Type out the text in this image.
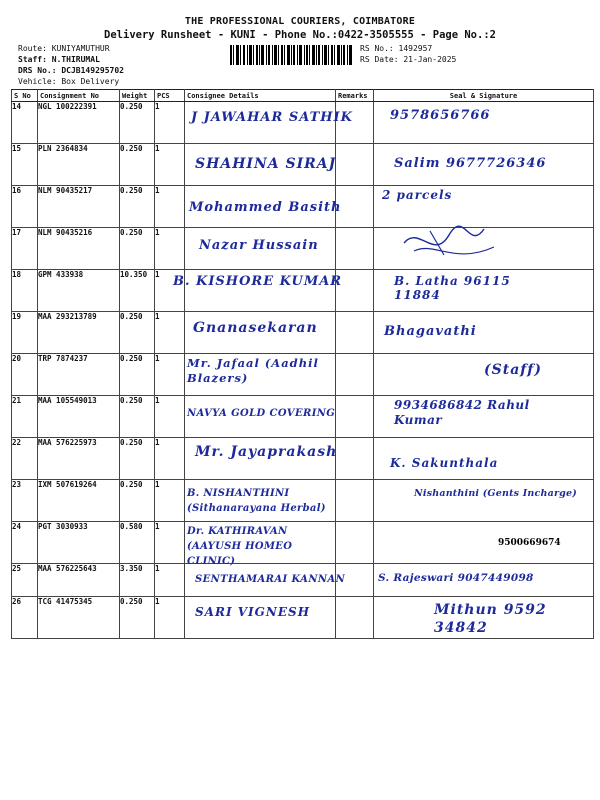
THE PROFESSIONAL COURIERS, COIMBATORE
Delivery Runsheet - KUNI - Phone No.:0422-3505555 - Page No.:2
Route: KUNIYAMUTHUR
Staff: N.THIRUMAL
DRS No.: DCJB149295702
Vehicle: Box Delivery
RS No.: 1492957
RS Date: 21-Jan-2025
S No	Consignment No	Weight	PCS	Consignee Details	Remarks	Seal & Signature
14	NGL 100222391	0.250	1	J JAWAHAR SATHIK		9578656766

15	PLN 2364834	0.250	1	SHAHINA SIRAJ		Salim 9677726346

16	NLM 90435217	0.250	1	Mohammed Basith		2 parcels

17	NLM 90435216	0.250	1	Nazar Hussain

18	GPM 433938	10.350	1	B. KISHORE KUMAR		B. Latha 96115 11884

19	MAA 293213789	0.250	1	Gnanasekaran		Bhagavathi

20	TRP 7874237	0.250	1	Mr. Jafaal (Aadhil Blazers)		(Staff)

21	MAA 105549013	0.250	1	NAVYA GOLD COVERING		9934686842 Rahul Kumar

22	MAA 576225973	0.250	1	Mr. Jayaprakash		K. Sakunthala

23	IXM 507619264	0.250	1	B. NISHANTHINI (Sithanarayana Herbal)		Nishanthini (Gents Incharge)

24	PGT 3030933	0.580	1	Dr. KATHIRAVAN (AAYUSH HOMEO CLINIC)		9500669674

25	MAA 576225643	3.350	1	SENTHAMARAI KANNAN		S. Rajeswari 9047449098

26	TCG 41475345	0.250	1	SARI VIGNESH		Mithun 9592 34842
